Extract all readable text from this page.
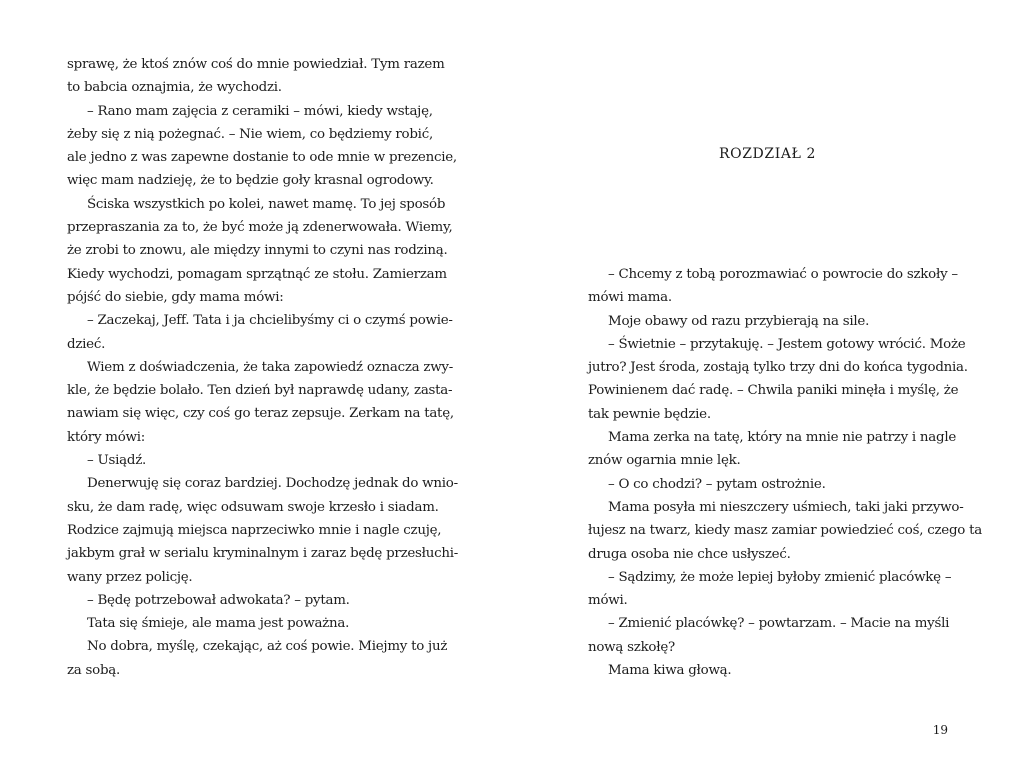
sprawę, że ktoś znów coś do mnie powiedział. Tym razem

to babcia oznajmia, że wychodzi.

– Rano mam zajęcia z ceramiki – mówi, kiedy wstaję,

żeby się z nią pożegnać. – Nie wiem, co będziemy robić,

ale jedno z was zapewne dostanie to ode mnie w prezencie,

więc mam nadzieję, że to będzie goły krasnal ogrodowy.

Ściska wszystkich po kolei, nawet mamę. To jej sposób

przepraszania za to, że być może ją zdenerwowała. Wiemy,

że zrobi to znowu, ale między innymi to czyni nas rodziną.

Kiedy wychodzi, pomagam sprzątnąć ze stołu. Zamierzam

pójść do siebie, gdy mama mówi:

– Zaczekaj, Jeff. Tata i ja chcielibyśmy ci o czymś powie-

dzieć.

Wiem z doświadczenia, że taka zapowiedź oznacza zwy-

kle, że będzie bolało. Ten dzień był naprawdę udany, zasta-

nawiam się więc, czy coś go teraz zepsuje. Zerkam na tatę,

który mówi:

– Usiądź.

Denerwuję się coraz bardziej. Dochodzę jednak do wnio-

sku, że dam radę, więc odsuwam swoje krzesło i siadam.

Rodzice zajmują miejsca naprzeciwko mnie i nagle czuję,

jakbym grał w serialu kryminalnym i zaraz będę przesłuchi-

wany przez policję.

– Będę potrzebował adwokata? – pytam.

Tata się śmieje, ale mama jest poważna.

No dobra, myślę, czekając, aż coś powie. Miejmy to już

za sobą.

ROZDZIAŁ 2

– Chcemy z tobą porozmawiać o powrocie do szkoły –

mówi mama.

Moje obawy od razu przybierają na sile.

– Świetnie – przytakuję. – Jestem gotowy wrócić. Może

jutro? Jest środa, zostają tylko trzy dni do końca tygodnia.

Powinienem dać radę. – Chwila paniki minęła i myślę, że

tak pewnie będzie.

Mama zerka na tatę, który na mnie nie patrzy i nagle

znów ogarnia mnie lęk.

– O co chodzi? – pytam ostrożnie.

Mama posyła mi nieszczery uśmiech, taki jaki przywo-

łujesz na twarz, kiedy masz zamiar powiedzieć coś, czego ta

druga osoba nie chce usłyszeć.

– Sądzimy, że może lepiej byłoby zmienić placówkę –

mówi.

– Zmienić placówkę? – powtarzam. – Macie na myśli

nową szkołę?

Mama kiwa głową.

19
